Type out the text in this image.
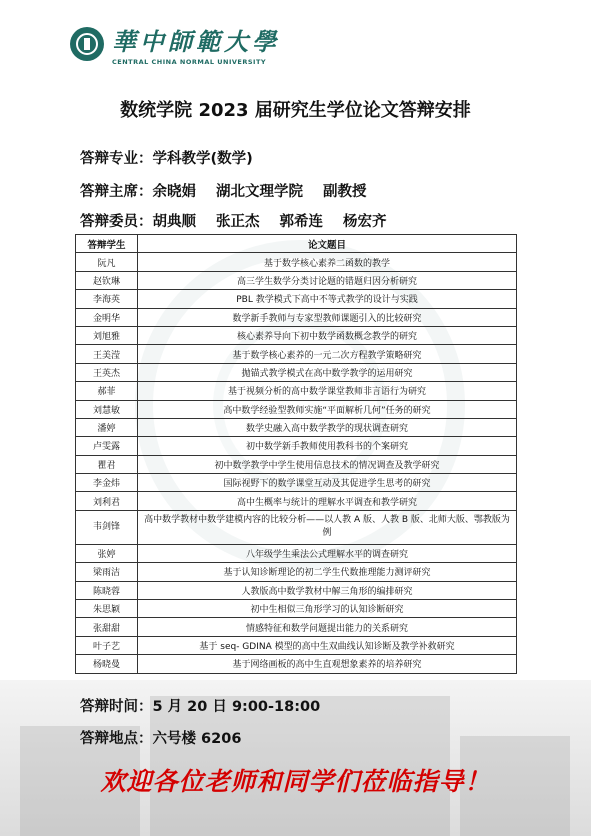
華中師範大學
CENTRAL CHINA NORMAL UNIVERSITY
数统学院 2023 届研究生学位论文答辩安排
答辩专业：学科教学(数学)
答辩主席：余晓娟 湖北文理学院 副教授
答辩委员：胡典顺 张正杰 郭希连 杨宏齐
答辩学生	论文题目
阮凡	基于数学核心素养二函数的教学
赵钦琳	高三学生数学分类讨论题的错题归因分析研究
李海英	PBL 教学模式下高中不等式教学的设计与实践
金明华	数学新手教师与专家型教师课题引入的比较研究
刘旭雅	核心素养导向下初中数学函数概念教学的研究
王美滢	基于数学核心素养的一元二次方程教学策略研究
王英杰	抛锚式教学模式在高中数学教学的运用研究
郝菲	基于视频分析的高中数学课堂教师非言语行为研究
刘慧敏	高中数学经验型教师实施“平面解析几何”任务的研究
潘婷	数学史融入高中数学教学的现状调查研究
卢雯露	初中数学新手教师使用教科书的个案研究
瞿君	初中数学教学中学生使用信息技术的情况调查及教学研究
李金炜	国际视野下的数学课堂互动及其促进学生思考的研究
刘利君	高中生概率与统计的理解水平调查和教学研究
韦剑锋	高中数学教材中数学建模内容的比较分析——以人教 A 版、人教 B 版、北师大版、鄂教版为例
张婷	八年级学生乘法公式理解水平的调查研究
梁雨洁	基于认知诊断理论的初二学生代数推理能力测评研究
陈晓蓉	人教版高中数学教材中解三角形的编排研究
朱思颖	初中生相似三角形学习的认知诊断研究
张甜甜	情感特征和数学问题提出能力的关系研究
叶子艺	基于 seq- GDINA 模型的高中生双曲线认知诊断及教学补救研究
杨晓曼	基于网络画板的高中生直观想象素养的培养研究
答辩时间：5 月 20 日 9:00-18:00
答辩地点：六号楼 6206
欢迎各位老师和同学们莅临指导！
